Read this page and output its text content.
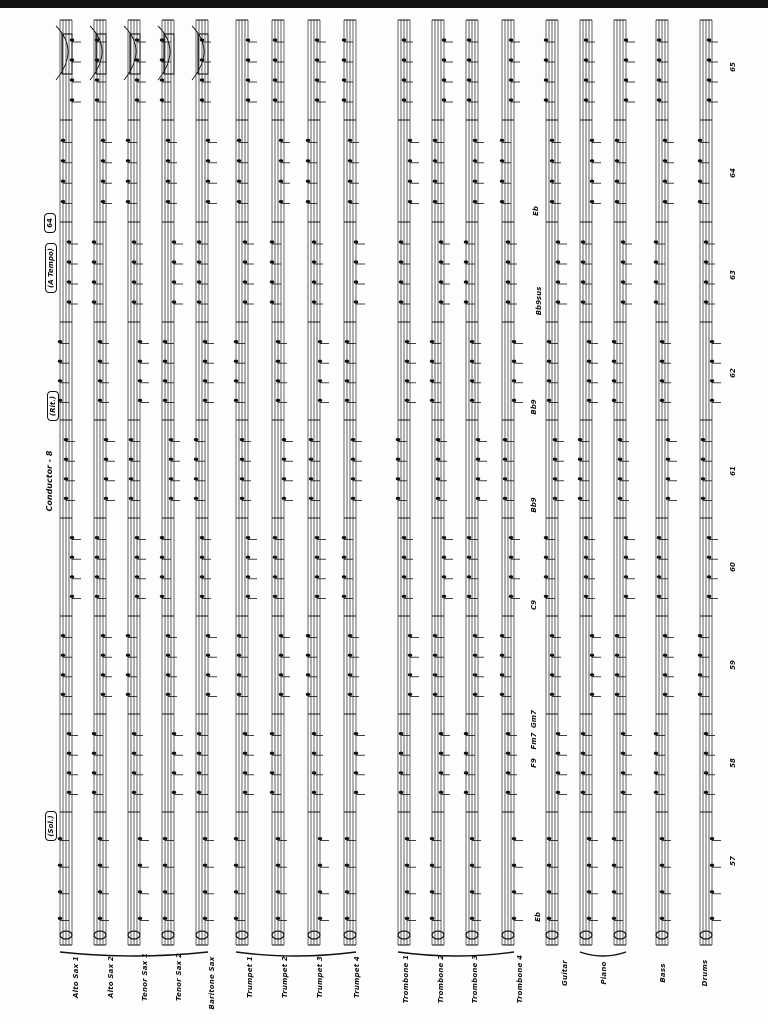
Alto Sax 1	Alto Sax 2	Tenor Sax 1	Tenor Sax 2	Baritone Sax	Trumpet 1	Trumpet 2	Trumpet 3	Trumpet 4	Trombone 1	Trombone 2	Trombone 3	Trombone 4	Guitar	Piano	Bass	Drums
Conductor - 8
(Sol.)
(Rit.)
(A Tempo)
64
Eb
F9
Fm7
Gm7
C9
Bb9
Bb9
Bb9sus
Eb
57
58
59
60
61
62
63
64
65
